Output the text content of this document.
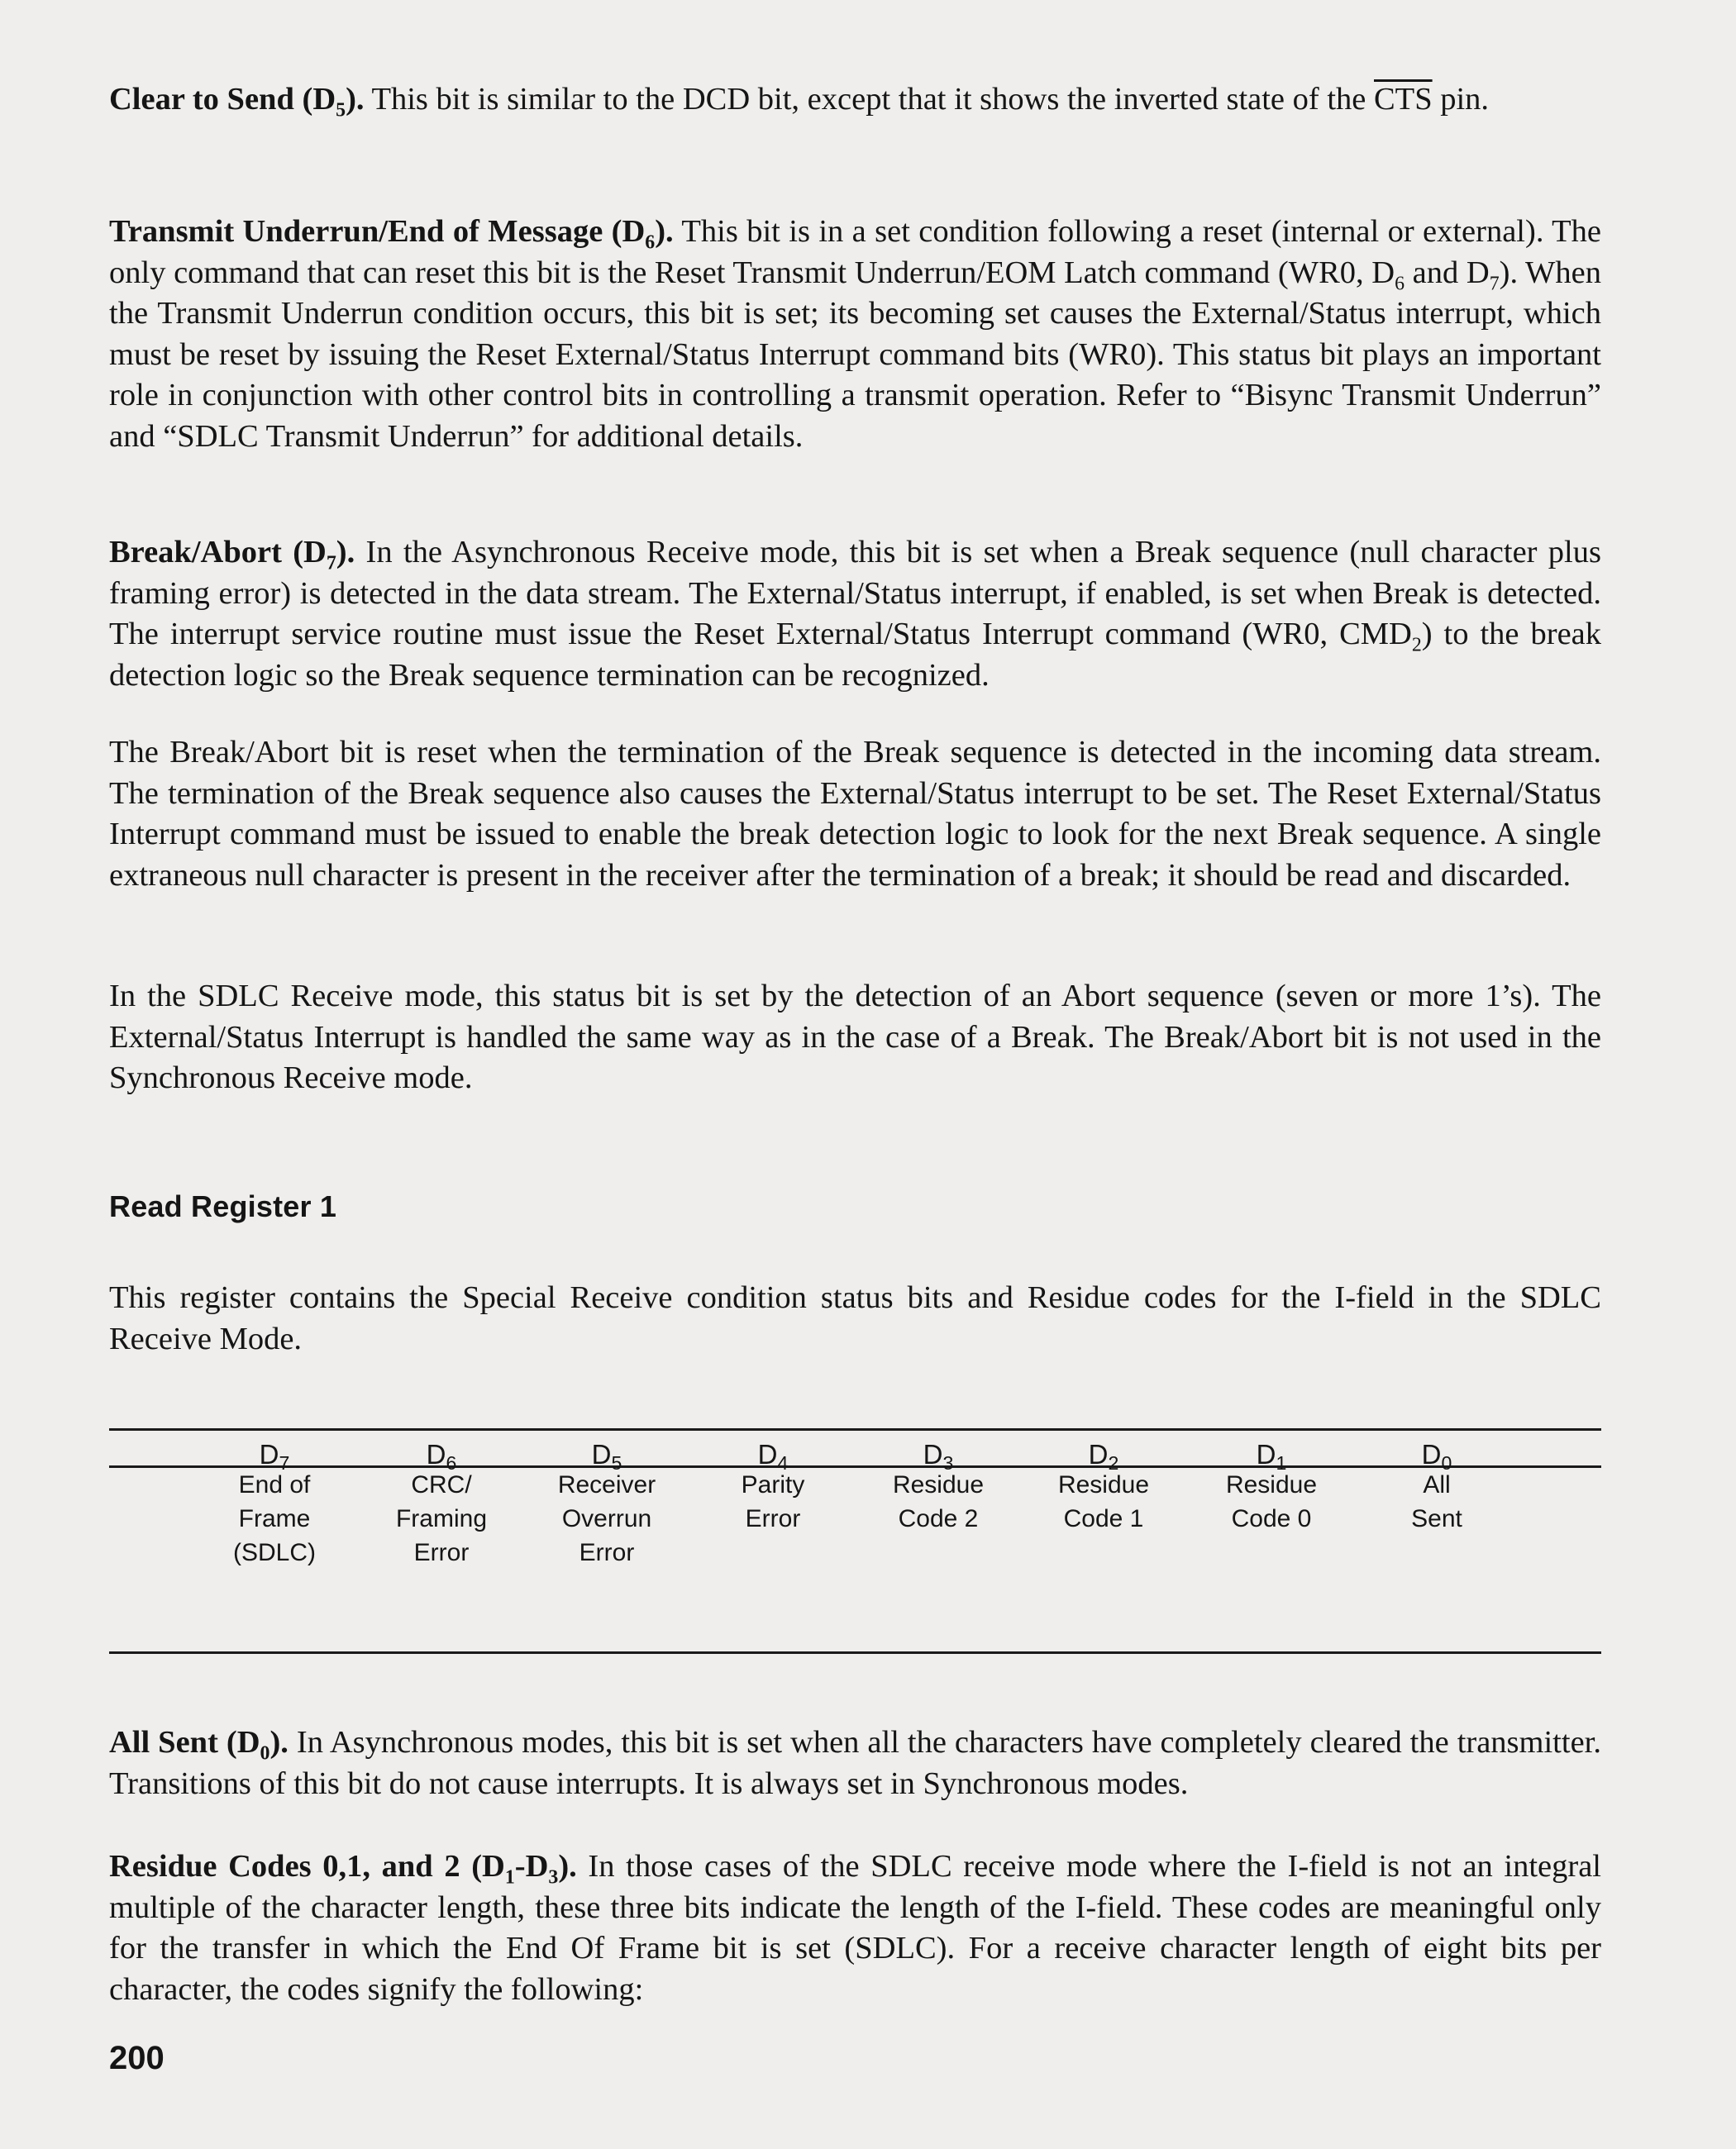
Clear to Send $(D_5)$. This bit is similar to the DCD bit, except that it shows the inverted state of the $\overline{CTS}$ pin.

Transmit Underrun/End of Message $(D_6)$. This bit is in a set condition following a reset (internal or external). The only command that can reset this bit is the Reset Transmit Underrun/EOM Latch command (WR0, $D_6$ and $D_7$). When the Transmit Underrun condition occurs, this bit is set; its becoming set causes the External/Status interrupt, which must be reset by issuing the Reset External/Status Interrupt command bits (WR0). This status bit plays an important role in conjunction with other control bits in controlling a transmit operation. Refer to “Bisync Transmit Underrun” and “SDLC Transmit Underrun” for additional details.

Break/Abort $(D_7)$. In the Asynchronous Receive mode, this bit is set when a Break sequence (null character plus framing error) is detected in the data stream. The External/Status interrupt, if enabled, is set when Break is detected. The interrupt service routine must issue the Reset External/Status Interrupt command (WR0, $CMD_2$) to the break detection logic so the Break sequence termination can be recognized.

The Break/Abort bit is reset when the termination of the Break sequence is detected in the incoming data stream. The termination of the Break sequence also causes the External/Status interrupt to be set. The Reset External/Status Interrupt command must be issued to enable the break detection logic to look for the next Break sequence. A single extraneous null character is present in the receiver after the termination of a break; it should be read and discarded.

In the SDLC Receive mode, this status bit is set by the detection of an Abort sequence (seven or more 1’s). The External/Status Interrupt is handled the same way as in the case of a Break. The Break/Abort bit is not used in the Synchronous Receive mode.

Read Register 1

This register contains the Special Receive condition status bits and Residue codes for the I-field in the SDLC Receive Mode.

$D_7$
End of
Frame
(SDLC)
$D_6$
CRC/
Framing
Error
$D_5$
Receiver
Overrun
Error
$D_4$
Parity
Error
$D_3$
Residue
Code 2
$D_2$
Residue
Code 1
$D_1$
Residue
Code 0
$D_0$
All
Sent

All Sent $(D_0)$. In Asynchronous modes, this bit is set when all the characters have completely cleared the transmitter. Transitions of this bit do not cause interrupts. It is always set in Synchronous modes.

Residue Codes 0,1, and 2 $(D_1-D_3)$. In those cases of the SDLC receive mode where the I-field is not an integral multiple of the character length, these three bits indicate the length of the I-field. These codes are meaningful only for the transfer in which the End Of Frame bit is set (SDLC). For a receive character length of eight bits per character, the codes signify the following:

200
